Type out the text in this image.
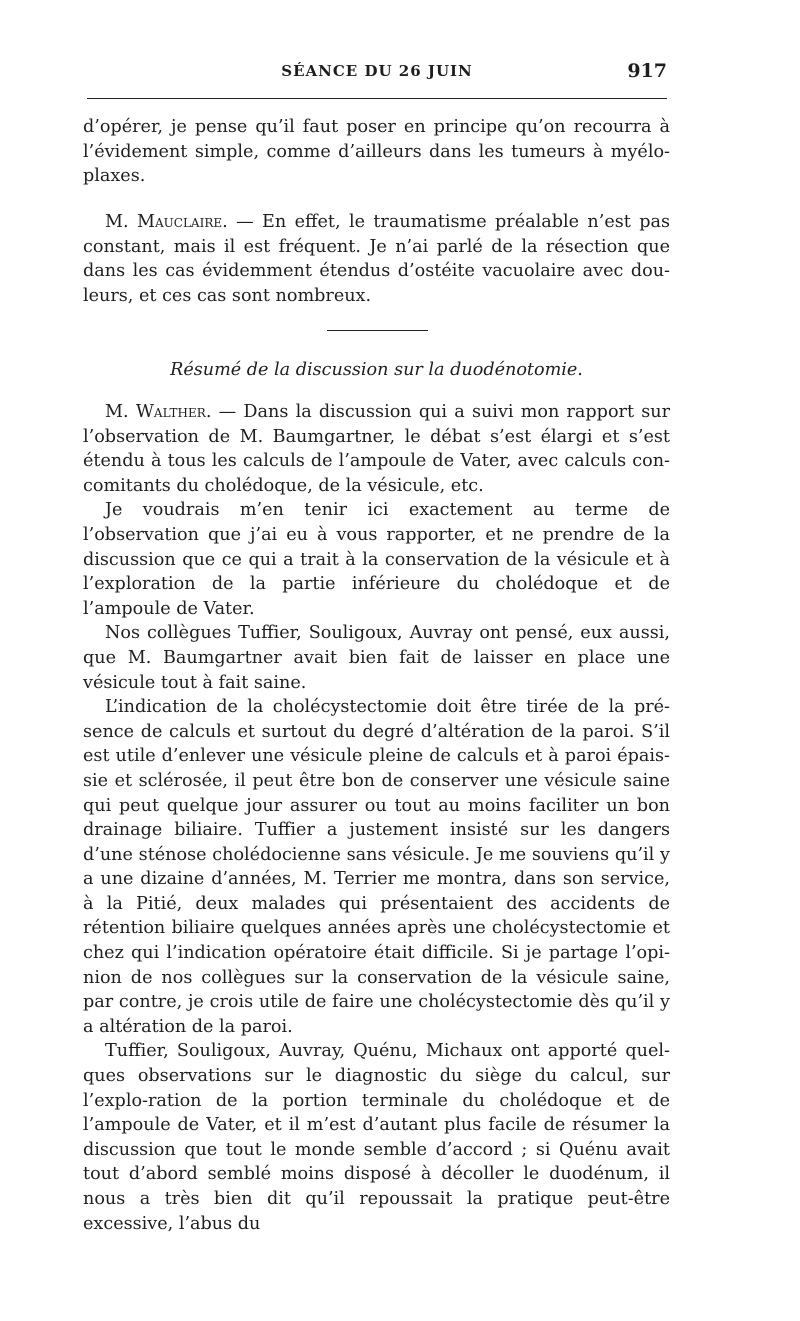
SÉANCE DU 26 JUIN	917

d’opérer, je pense qu’il faut poser en principe qu’on recourra à l’évidement simple, comme d’ailleurs dans les tumeurs à myélo-plaxes.

M. Mauclaire. — En effet, le traumatisme préalable n’est pas constant, mais il est fréquent. Je n’ai parlé de la résection que dans les cas évidemment étendus d’ostéite vacuolaire avec dou-leurs, et ces cas sont nombreux.

Résumé de la discussion sur la duodénotomie.

M. Walther. — Dans la discussion qui a suivi mon rapport sur l’observation de M. Baumgartner, le débat s’est élargi et s’est étendu à tous les calculs de l’ampoule de Vater, avec calculs con-comitants du cholédoque, de la vésicule, etc.

Je voudrais m’en tenir ici exactement au terme de l’observation que j’ai eu à vous rapporter, et ne prendre de la discussion que ce qui a trait à la conservation de la vésicule et à l’exploration de la partie inférieure du cholédoque et de l’ampoule de Vater.

Nos collègues Tuffier, Souligoux, Auvray ont pensé, eux aussi, que M. Baumgartner avait bien fait de laisser en place une vésicule tout à fait saine.

L’indication de la cholécystectomie doit être tirée de la pré-sence de calculs et surtout du degré d’altération de la paroi. S’il est utile d’enlever une vésicule pleine de calculs et à paroi épais-sie et sclérosée, il peut être bon de conserver une vésicule saine qui peut quelque jour assurer ou tout au moins faciliter un bon drainage biliaire. Tuffier a justement insisté sur les dangers d’une sténose cholédocienne sans vésicule. Je me souviens qu’il y a une dizaine d’années, M. Terrier me montra, dans son service, à la Pitié, deux malades qui présentaient des accidents de rétention biliaire quelques années après une cholécystectomie et chez qui l’indication opératoire était difficile. Si je partage l’opi-nion de nos collègues sur la conservation de la vésicule saine, par contre, je crois utile de faire une cholécystectomie dès qu’il y a altération de la paroi.

Tuffier, Souligoux, Auvray, Quénu, Michaux ont apporté quel-ques observations sur le diagnostic du siège du calcul, sur l’explo-ration de la portion terminale du cholédoque et de l’ampoule de Vater, et il m’est d’autant plus facile de résumer la discussion que tout le monde semble d’accord ; si Quénu avait tout d’abord semblé moins disposé à décoller le duodénum, il nous a très bien dit qu’il repoussait la pratique peut-être excessive, l’abus du
